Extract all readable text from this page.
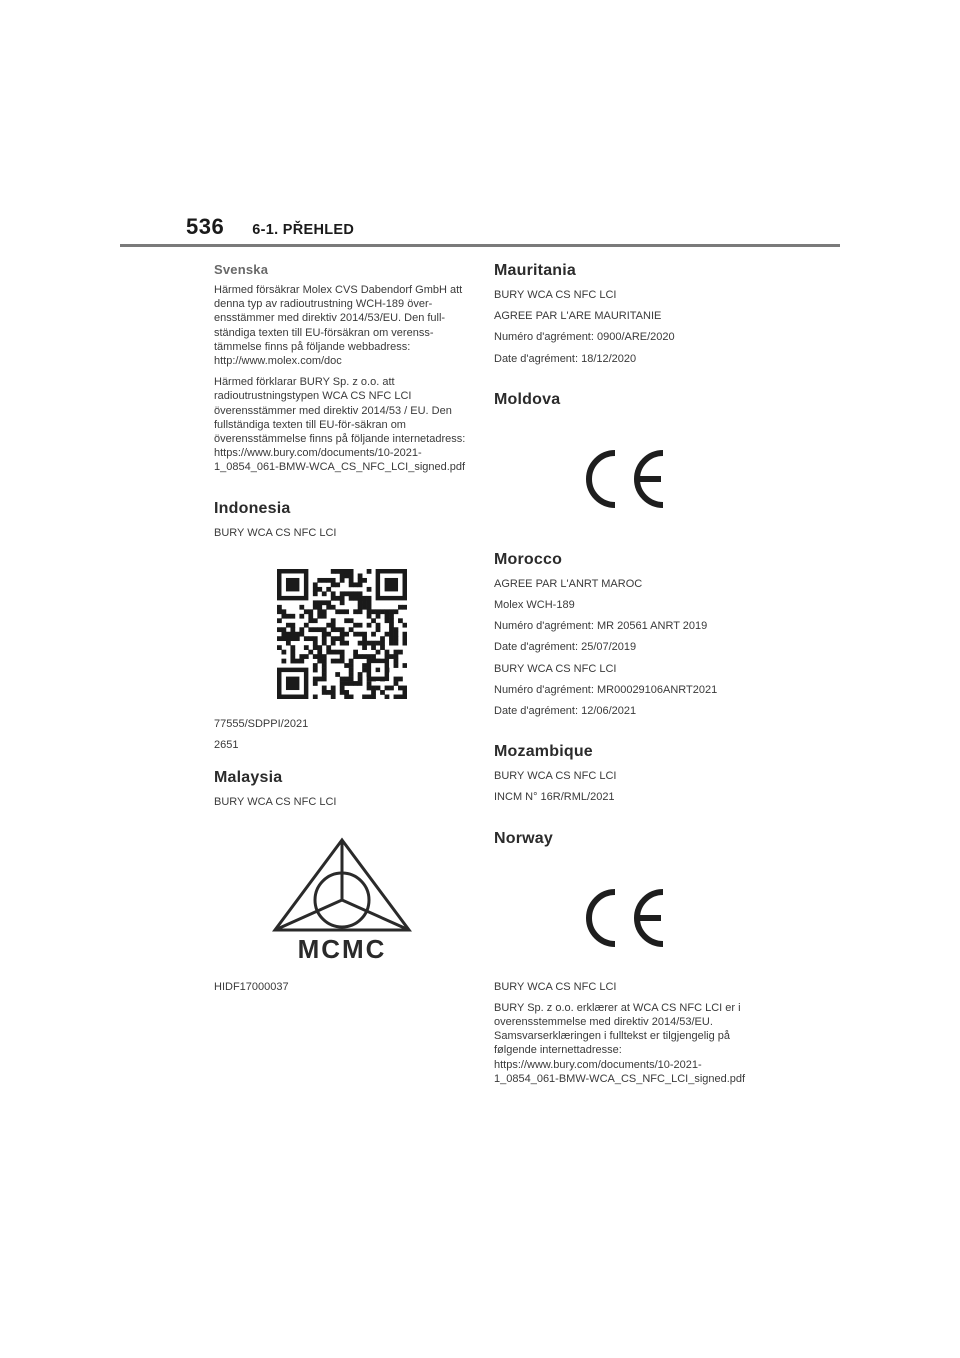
536 6-1. PŘEHLED
Svenska

Härmed försäkrar Molex CVS Dabendorf GmbH att denna typ av radioutrustning WCH-189 över-ensstämmer med direktiv 2014/53/EU. Den full-ständiga texten till EU-försäkran om verenss-tämmelse finns på följande webbadress: http://www.molex.com/doc

Härmed förklarar BURY Sp. z o.o. att radioutrustningstypen WCA CS NFC LCI överensstämmer med direktiv 2014/53 / EU. Den fullständiga texten till EU-för-säkran om överensstämmelse finns på följande internetadress: https://www.bury.com/documents/10-2021-1_0854_061-BMW-WCA_CS_NFC_LCI_signed.pdf

Indonesia

BURY WCA CS NFC LCI

77555/SDPPI/2021

2651

Malaysia

BURY WCA CS NFC LCI

MCMC

HIDF17000037

Mauritania

BURY WCA CS NFC LCI

AGREE PAR L'ARE MAURITANIE

Numéro d'agrément: 0900/ARE/2020

Date d'agrément: 18/12/2020

Moldova
Morocco

AGREE PAR L'ANRT MAROC

Molex WCH-189

Numéro d'agrément: MR 20561 ANRT 2019

Date d'agrément: 25/07/2019

BURY WCA CS NFC LCI

Numéro d'agrément: MR00029106ANRT2021

Date d'agrément: 12/06/2021

Mozambique

BURY WCA CS NFC LCI

INCM N° 16R/RML/2021

Norway

BURY WCA CS NFC LCI

BURY Sp. z o.o. erklærer at WCA CS NFC LCI er i overensstemmelse med direktiv 2014/53/EU. Samsvarserklæringen i fulltekst er tilgjengelig på følgende internettadresse: https://www.bury.com/documents/10-2021-1_0854_061-BMW-WCA_CS_NFC_LCI_signed.pdf
